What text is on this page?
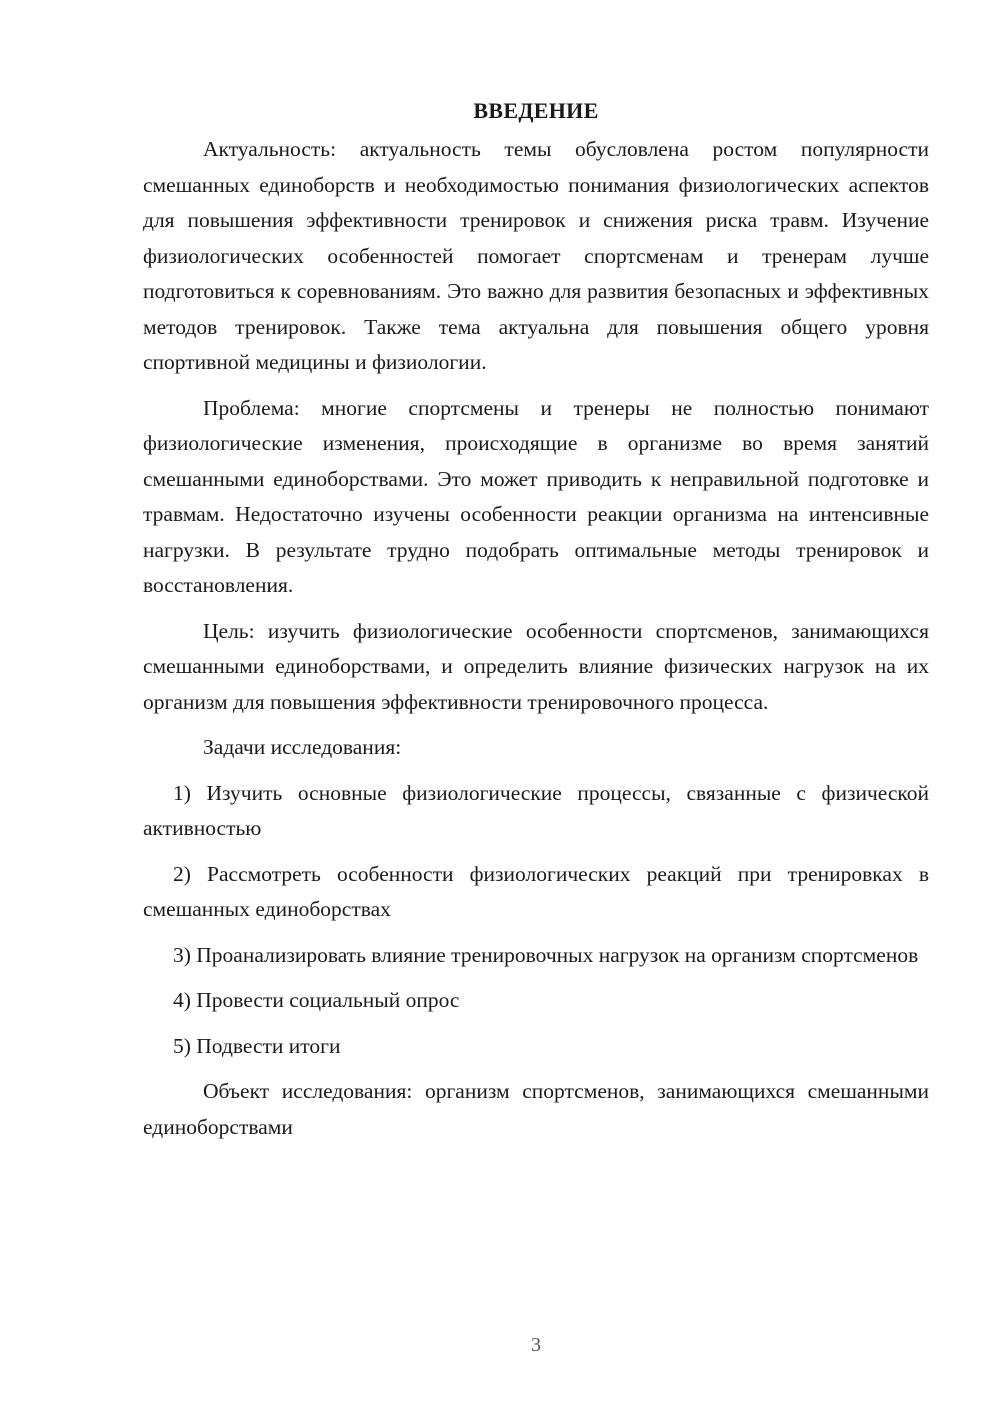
ВВЕДЕНИЕ

Актуальность: актуальность темы обусловлена ростом популярности смешанных единоборств и необходимостью понимания физиологических аспектов для повышения эффективности тренировок и снижения риска травм. Изучение физиологических особенностей помогает спортсменам и тренерам лучше подготовиться к соревнованиям. Это важно для развития безопасных и эффективных методов тренировок. Также тема актуальна для повышения общего уровня спортивной медицины и физиологии.

Проблема: многие спортсмены и тренеры не полностью понимают физиологические изменения, происходящие в организме во время занятий смешанными единоборствами. Это может приводить к неправильной подготовке и травмам. Недостаточно изучены особенности реакции организма на интенсивные нагрузки. В результате трудно подобрать оптимальные методы тренировок и восстановления.

Цель: изучить физиологические особенности спортсменов, занимающихся смешанными единоборствами, и определить влияние физических нагрузок на их организм для повышения эффективности тренировочного процесса.

Задачи исследования:

1) Изучить основные физиологические процессы, связанные с физической активностью

2) Рассмотреть особенности физиологических реакций при тренировках в смешанных единоборствах

3) Проанализировать влияние тренировочных нагрузок на организм спортсменов

4) Провести социальный опрос

5) Подвести итоги

Объект исследования: организм спортсменов, занимающихся смешанными единоборствами

3
